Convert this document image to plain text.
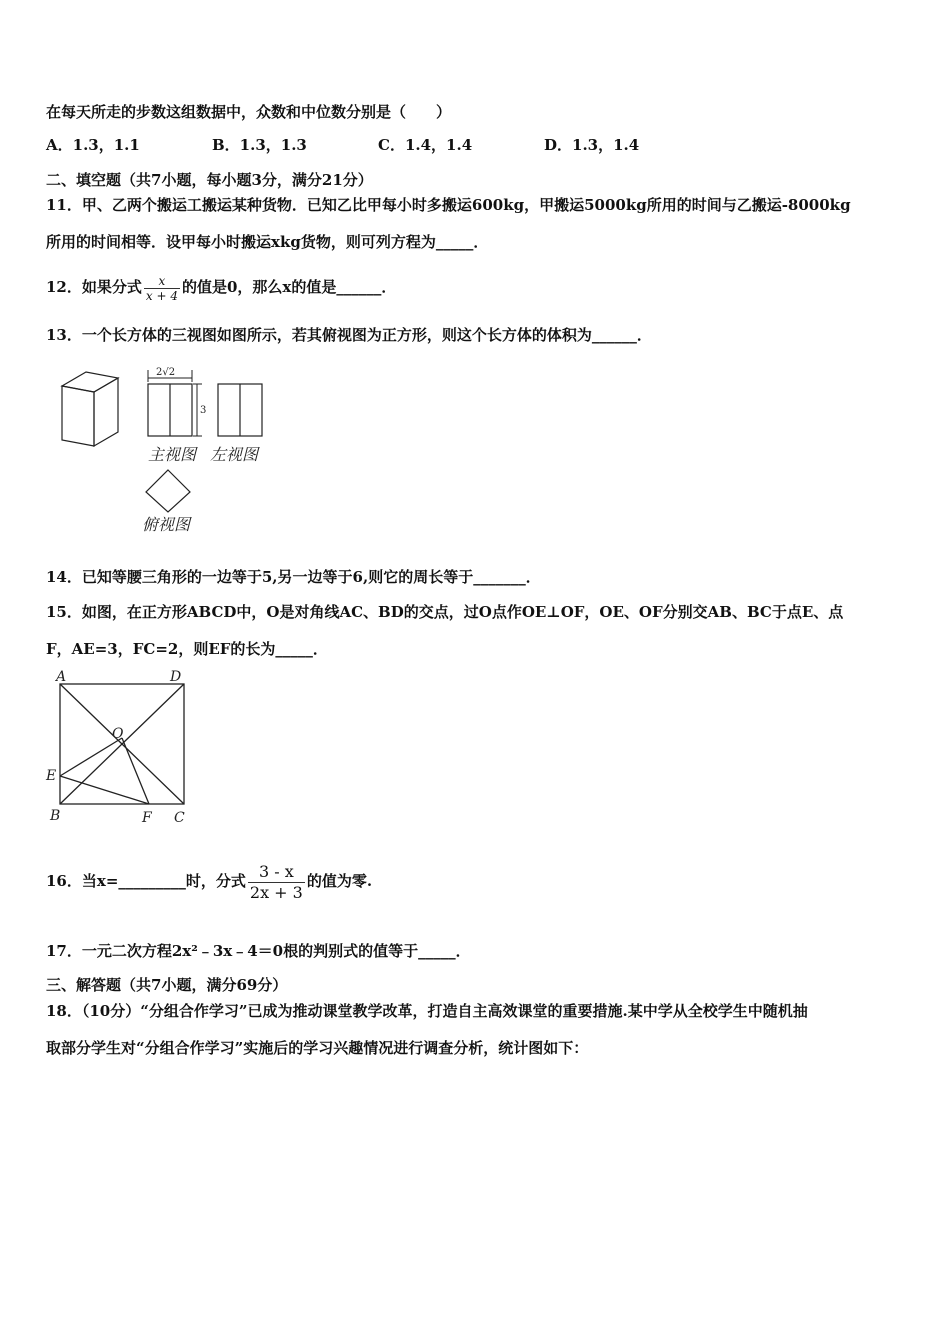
在每天所走的步数这组数据中，众数和中位数分别是（　　）
A．1.3，1.1	B．1.3，1.3	C．1.4，1.4	D．1.3，1.4
二、填空题（共7小题，每小题3分，满分21分）
11．甲、乙两个搬运工搬运某种货物．已知乙比甲每小时多搬运600kg，甲搬运5000kg所用的时间与乙搬运-8000kg
所用的时间相等．设甲每小时搬运xkg货物，则可列方程为_____．
12．如果分式 $\frac{x}{x + 4}$ 的值是0，那么x的值是______．
13．一个长方体的三视图如图所示，若其俯视图为正方形，则这个长方体的体积为______．
2√2
3
主视图 左视图
俯视图
14．已知等腰三角形的一边等于5,另一边等于6,则它的周长等于_______．
15．如图，在正方形ABCD中，O是对角线AC、BD的交点，过O点作OE⊥OF，OE、OF分别交AB、BC于点E、点
F，AE=3，FC=2，则EF的长为_____．
A	D
O
E
B	F C
16．当x=_________时，分式 $\frac{3 - x}{2x + 3}$ 的值为零.
17．一元二次方程2x²﹣3x﹣4＝0根的判别式的值等于_____．
三、解答题（共7小题，满分69分）
18．（10分）“分组合作学习”已成为推动课堂教学改革，打造自主高效课堂的重要措施.某中学从全校学生中随机抽
取部分学生对“分组合作学习”实施后的学习兴趣情况进行调查分析，统计图如下：
